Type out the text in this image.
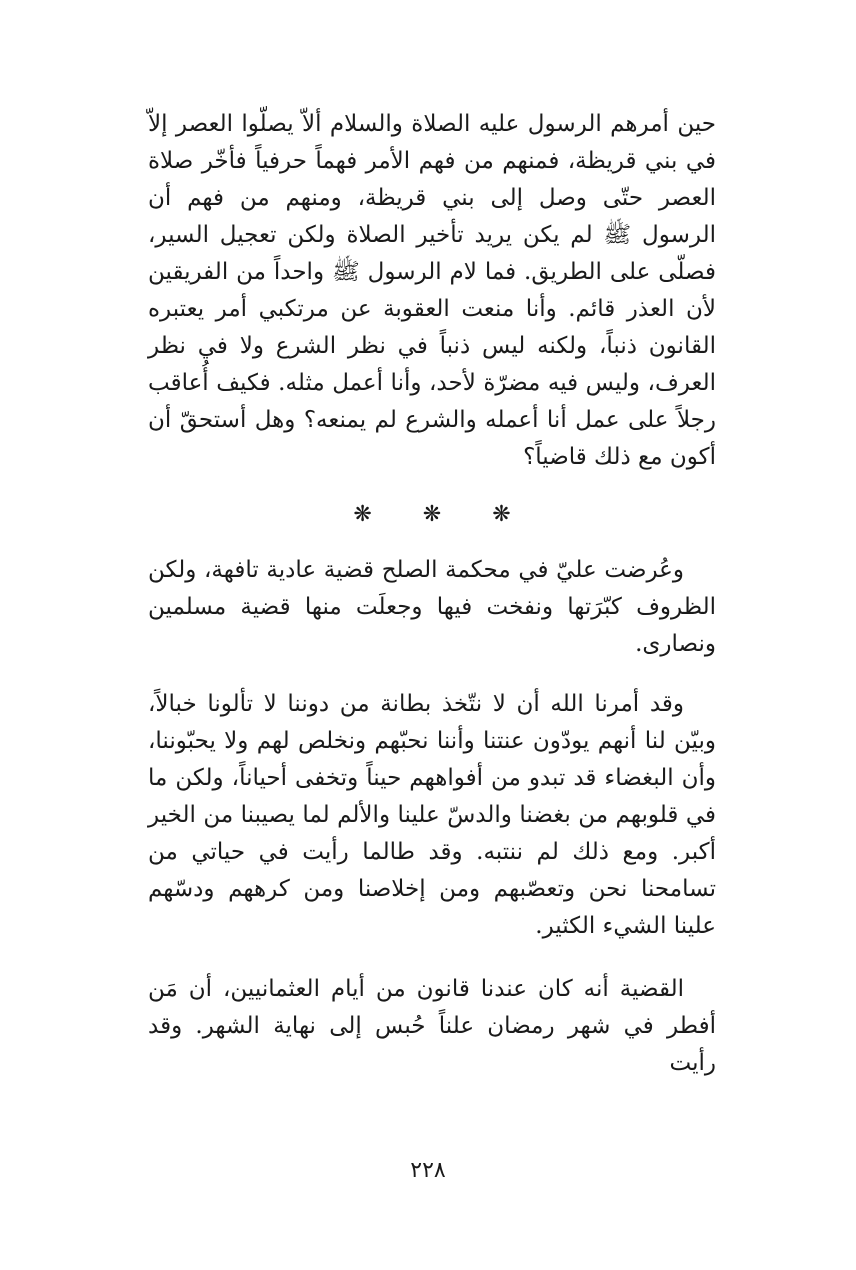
حين أمرهم الرسول عليه الصلاة والسلام ألاّ يصلّوا العصر إلاّ في بني قريظة، فمنهم من فهم الأمر فهماً حرفياً فأخّر صلاة العصر حتّى وصل إلى بني قريظة، ومنهم من فهم أن الرسول ﷺ لم يكن يريد تأخير الصلاة ولكن تعجيل السير، فصلّى على الطريق. فما لام الرسول ﷺ واحداً من الفريقين لأن العذر قائم. وأنا منعت العقوبة عن مرتكبي أمر يعتبره القانون ذنباً، ولكنه ليس ذنباً في نظر الشرع ولا في نظر العرف، وليس فيه مضرّة لأحد، وأنا أعمل مثله. فكيف أُعاقب رجلاً على عمل أنا أعمله والشرع لم يمنعه؟ وهل أستحقّ أن أكون مع ذلك قاضياً؟

❋ ❋ ❋

وعُرضت عليّ في محكمة الصلح قضية عادية تافهة، ولكن الظروف كبّرَتها ونفخت فيها وجعلَت منها قضية مسلمين ونصارى.

وقد أمرنا الله أن لا نتّخذ بطانة من دوننا لا تألونا خبالاً، وبيّن لنا أنهم يودّون عنتنا وأننا نحبّهم ونخلص لهم ولا يحبّوننا، وأن البغضاء قد تبدو من أفواههم حيناً وتخفى أحياناً، ولكن ما في قلوبهم من بغضنا والدسّ علينا والألم لما يصيبنا من الخير أكبر. ومع ذلك لم ننتبه. وقد طالما رأيت في حياتي من تسامحنا نحن وتعصّبهم ومن إخلاصنا ومن كرههم ودسّهم علينا الشيء الكثير.

القضية أنه كان عندنا قانون من أيام العثمانيين، أن مَن أفطر في شهر رمضان علناً حُبس إلى نهاية الشهر. وقد رأيت

٢٢٨
